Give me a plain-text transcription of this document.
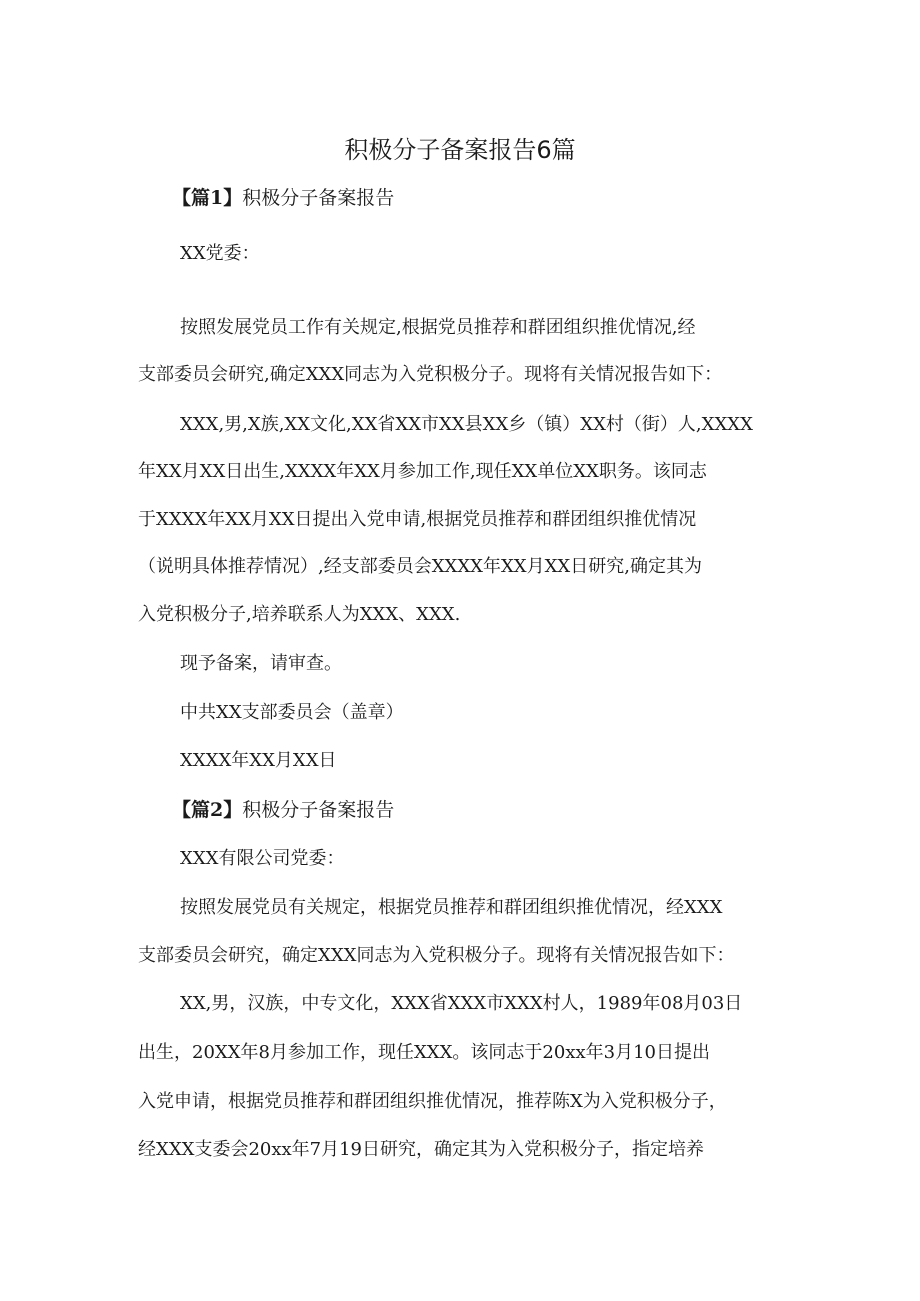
积极分子备案报告6篇
【篇1】积极分子备案报告
XX党委：
按照发展党员工作有关规定,根据党员推荐和群团组织推优情况,经
支部委员会研究,确定XXX同志为入党积极分子。现将有关情况报告如下：
XXX,男,X族,XX文化,XX省XX市XX县XX乡（镇）XX村（街）人,XXXX
年XX月XX日出生,XXXX年XX月参加工作,现任XX单位XX职务。该同志
于XXXX年XX月XX日提出入党申请,根据党员推荐和群团组织推优情况
（说明具体推荐情况）,经支部委员会XXXX年XX月XX日研究,确定其为
入党积极分子,培养联系人为XXX、XXX.
现予备案，请审查。
中共XX支部委员会（盖章）
XXXX年XX月XX日
【篇2】积极分子备案报告
XXX有限公司党委：
按照发展党员有关规定，根据党员推荐和群团组织推优情况，经XXX
支部委员会研究，确定XXX同志为入党积极分子。现将有关情况报告如下：
XX,男，汉族，中专文化，XXX省XXX市XXX村人，1989年08月03日
出生，20XX年8月参加工作，现任XXX。该同志于20xx年3月10日提出
入党申请，根据党员推荐和群团组织推优情况，推荐陈X为入党积极分子，
经XXX支委会20xx年7月19日研究，确定其为入党积极分子，指定培养
